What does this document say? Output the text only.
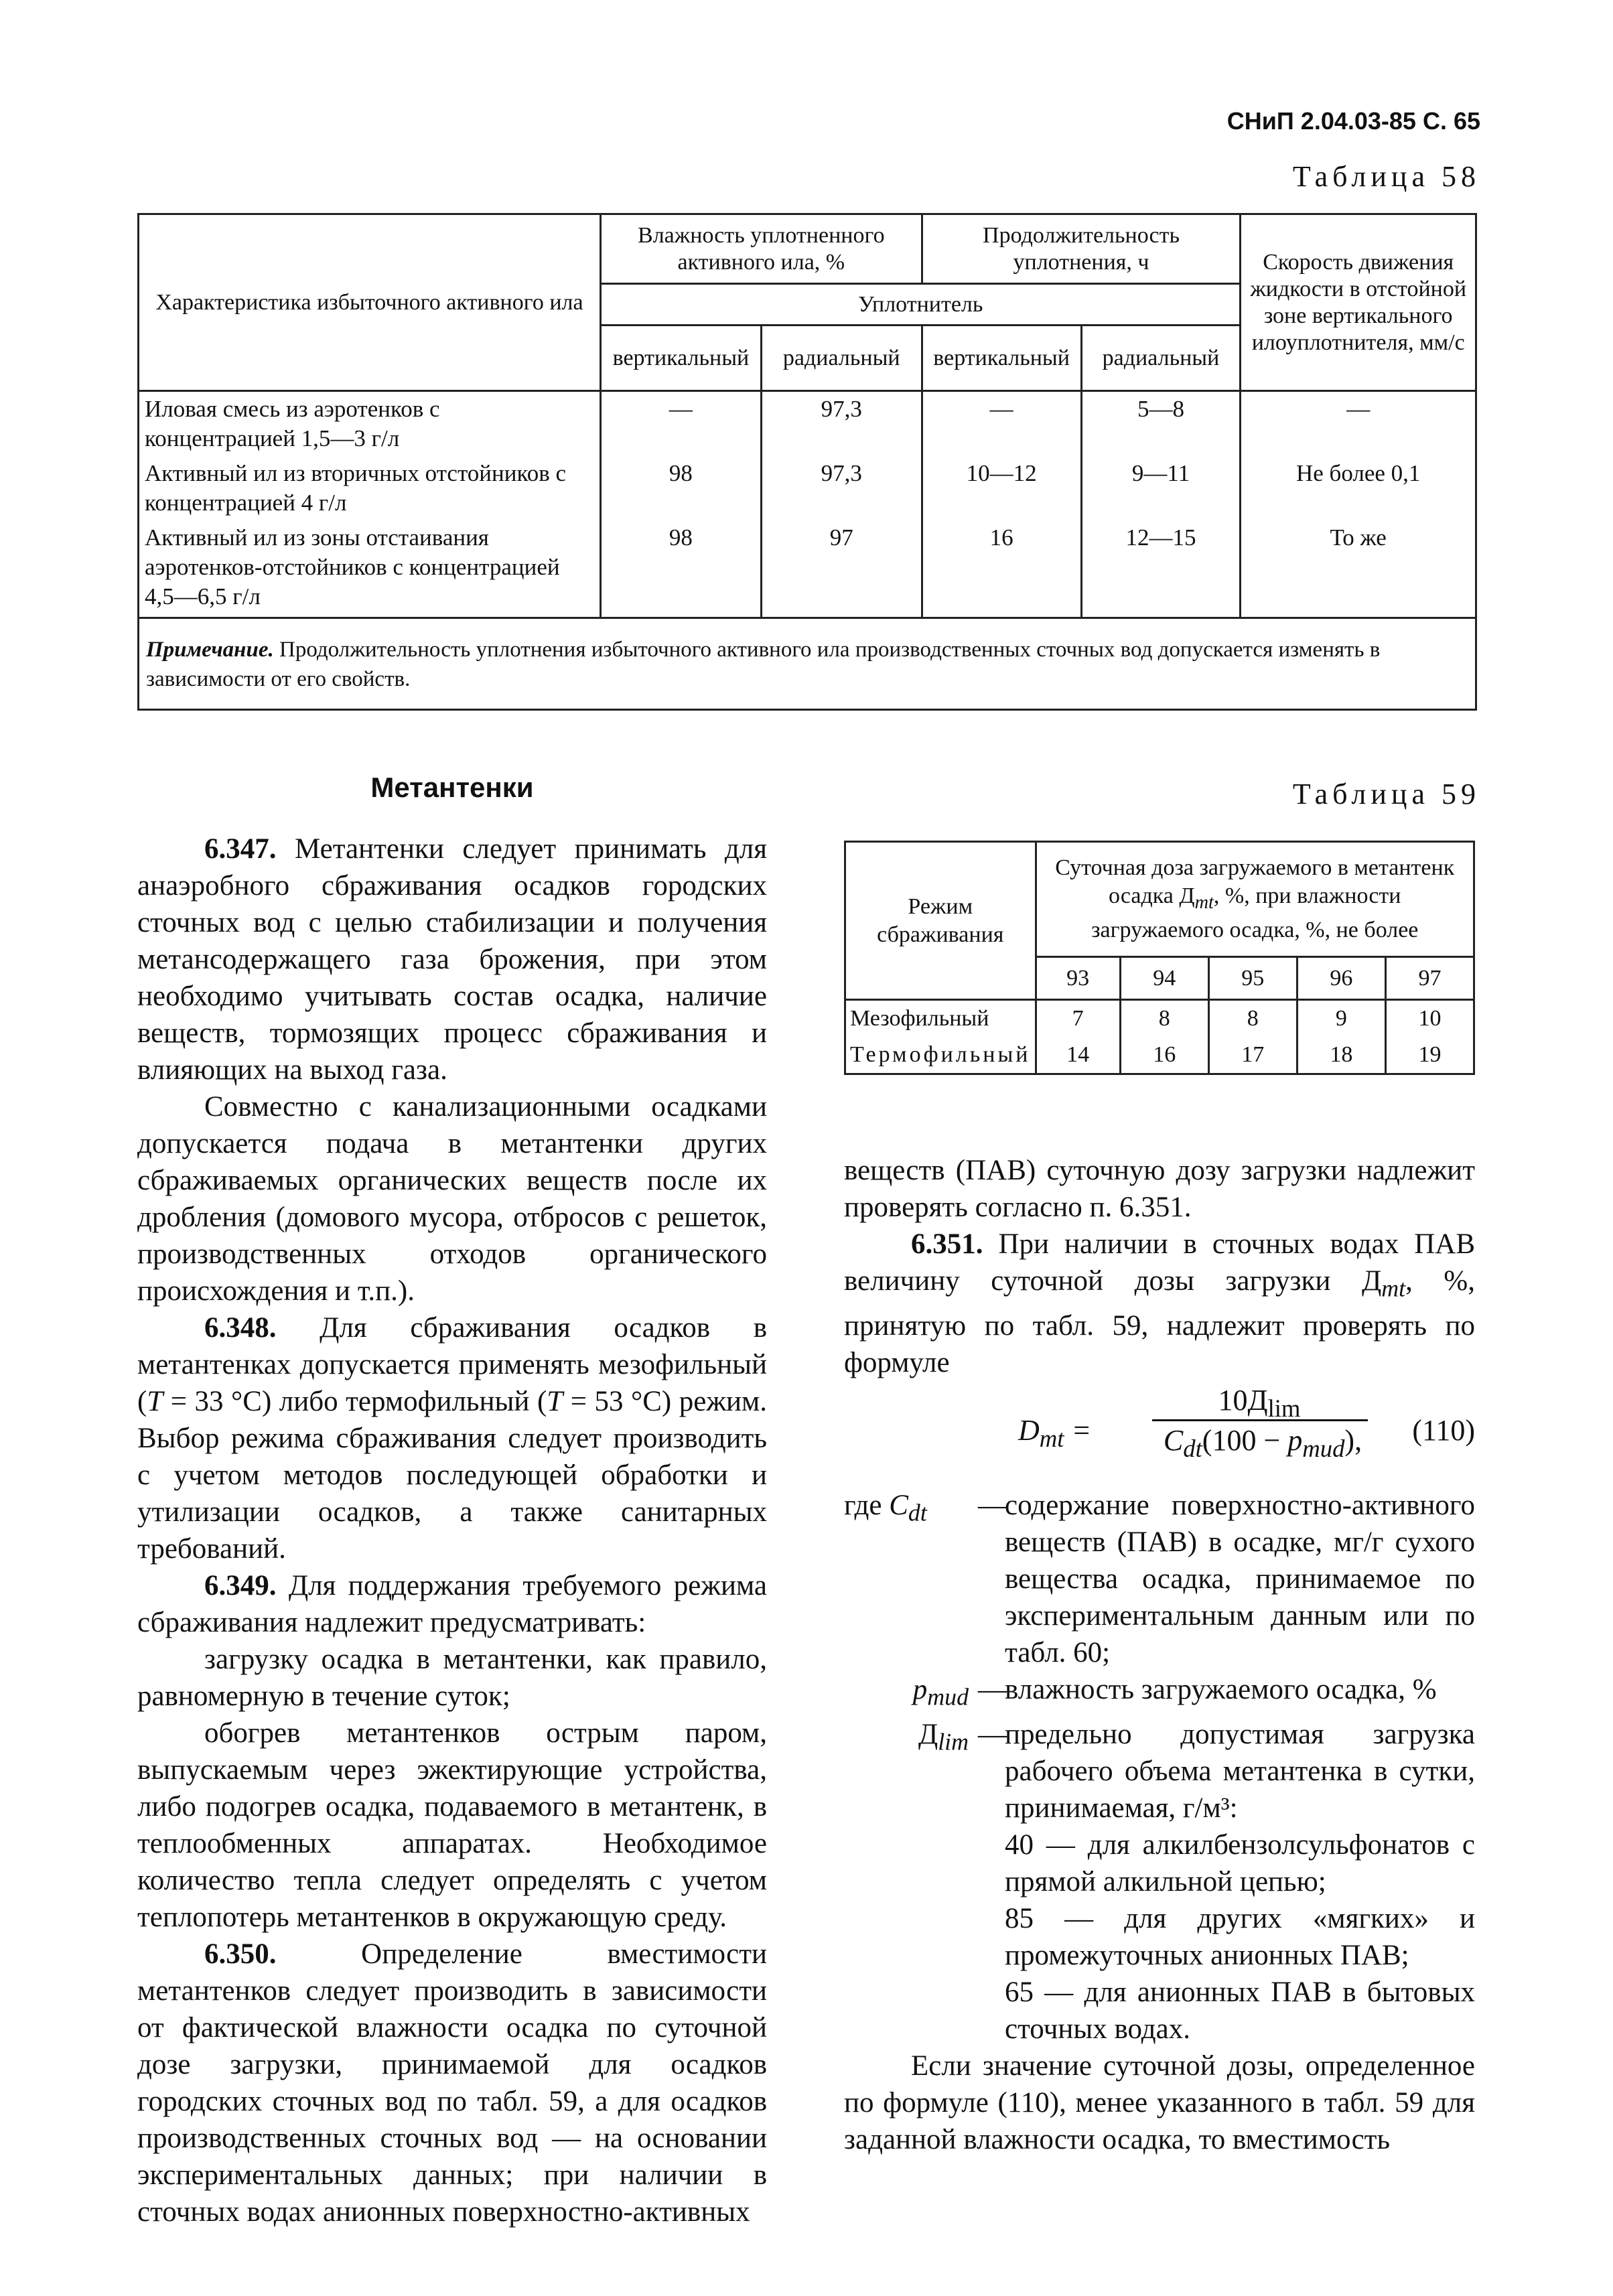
СНиП 2.04.03-85 С. 65
Таблица 58
Характеристика избыточного активного ила	Влажность уплотненного активного ила, %		Продолжительность уплотнения, ч		Скорость движения жидкости в отстойной зоне вертикального илоуплотнителя, мм/с
	Уплотнитель				
	вертикальный	радиальный	вертикальный	радиальный	
Иловая смесь из аэротенков с концентрацией 1,5—3 г/л	—	97,3	—	5—8	—
Активный ил из вторичных отстойников с концентрацией 4 г/л	98	97,3	10—12	9—11	Не более 0,1
Активный ил из зоны отстаивания аэротенков-отстойников с концентрацией 4,5—6,5 г/л	98	97	16	12—15	То же
Примечание. Продолжительность уплотнения избыточного активного ила производственных сточных вод допускается изменять в зависимости от его свойств.					
Метантенки	Таблица 59
Режим сбраживания	Суточная доза загружаемого в метантенк осадка $Д_{mt}$, %, при влажности загружаемого осадка, %, не более				
	93	94	95	96	97
Мезофильный	7	8	8	9	10
Термофильный	14	16	17	18	19

6.347. Метантенки следует принимать для анаэробного сбраживания осадков городских сточных вод с целью стабилизации и получения метансодержащего газа брожения, при этом необходимо учитывать состав осадка, наличие веществ, тормозящих процесс сбраживания и влияющих на выход газа.

Совместно с канализационными осадками допускается подача в метантенки других сбраживаемых органических веществ после их дробления (домового мусора, отбросов с решеток, производственных отходов органического происхождения и т.п.).

6.348. Для сбраживания осадков в метантенках допускается применять мезофильный (T = 33 °С) либо термофильный (T = 53 °С) режим. Выбор режима сбраживания следует производить с учетом методов последующей обработки и утилизации осадков, а также санитарных требований.

6.349. Для поддержания требуемого режима сбраживания надлежит предусматривать:

загрузку осадка в метантенки, как правило, равномерную в течение суток;

обогрев метантенков острым паром, выпускаемым через эжектирующие устройства, либо подогрев осадка, подаваемого в метантенк, в теплообменных аппаратах. Необходимое количество тепла следует определять с учетом теплопотерь метантенков в окружающую среду.

6.350.	Определение вместимости метантенков следует производить в зависимости от фактической влажности осадка по суточной дозе загрузки, принимаемой для осадков городских сточных вод по табл. 59, а для осадков производственных сточных вод — на основании экспериментальных данных; при наличии в сточных водах анионных поверхностно-активных

веществ (ПАВ) суточную дозу загрузки надлежит проверять согласно п. 6.351.

6.351. При наличии в сточных водах ПАВ величину суточной дозы загрузки $Д_{mt}$, %, принятую по табл. 59, надлежит проверять по формуле

$D_{mt}$ =
$10Д_{lim}$
$C_{dt}(100 - p_{mud})$,	(110)
где $C_{dt}$	—
содержание поверхностно-активного веществ (ПАВ) в осадке, мг/г сухого вещества осадка, принимаемое по экспериментальным данным или по табл. 60;
$p_{mud}$ —
влажность загружаемого осадка, %
$Д_{lim}$ —
предельно допустимая загрузка рабочего объема метантенка в сутки, принимаемая, г/м³:
40 — для алкилбензолсульфонатов с прямой алкильной цепью;
85 — для других «мягких» и промежуточных анионных ПАВ;
65 — для анионных ПАВ в бытовых сточных водах.

Если значение суточной дозы, определенное по формуле (110), менее указанного в табл. 59 для заданной влажности осадка, то вместимость
